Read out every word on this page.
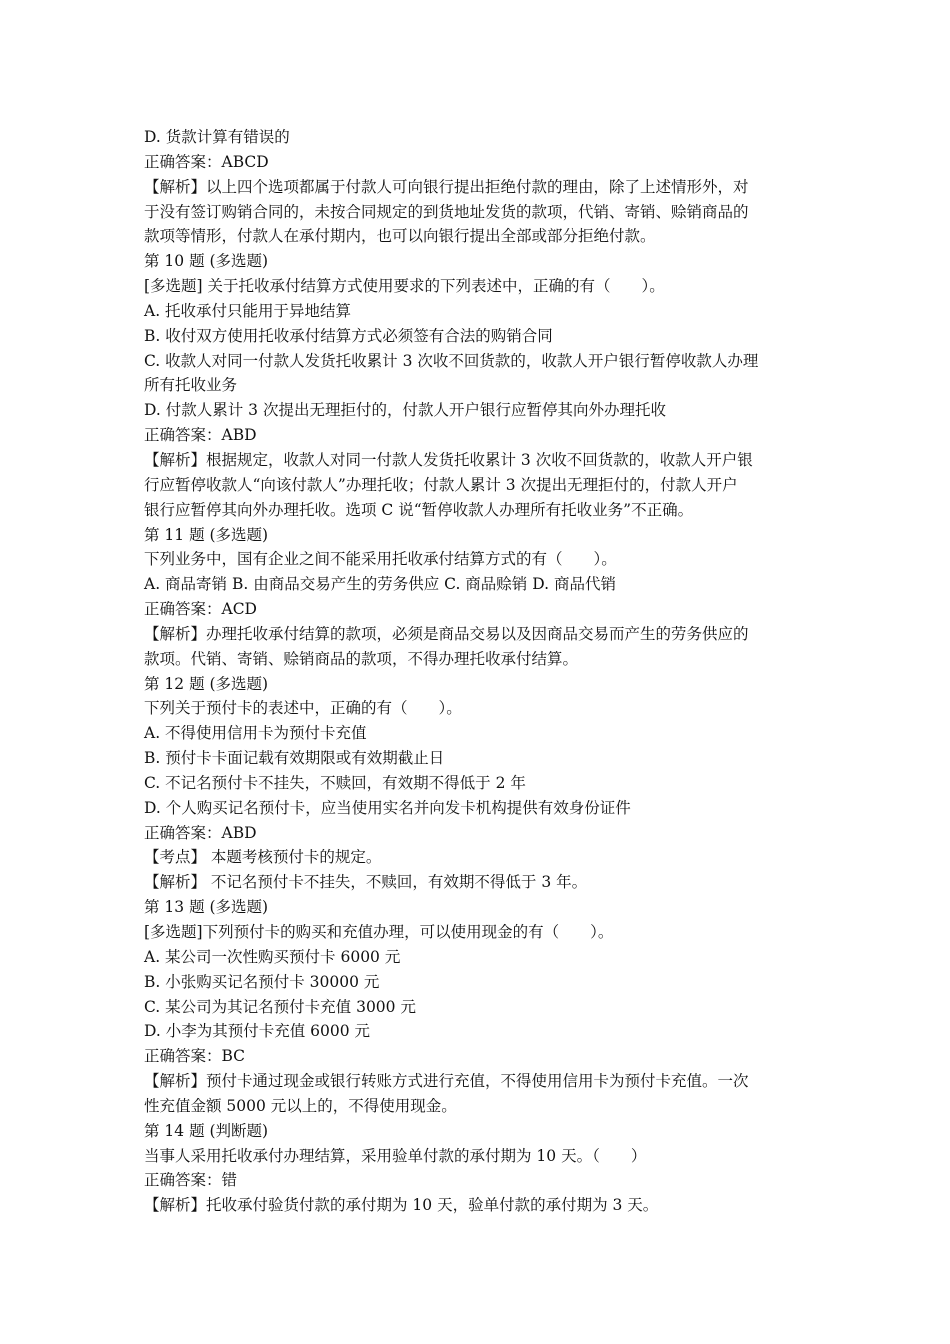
D. 货款计算有错误的
正确答案：ABCD
【解析】以上四个选项都属于付款人可向银行提出拒绝付款的理由，除了上述情形外，对
于没有签订购销合同的，未按合同规定的到货地址发货的款项，代销、寄销、赊销商品的
款项等情形，付款人在承付期内，也可以向银行提出全部或部分拒绝付款。
第 10 题 (多选题)
[多选题] 关于托收承付结算方式使用要求的下列表述中，正确的有（　　）。
A. 托收承付只能用于异地结算
B. 收付双方使用托收承付结算方式必须签有合法的购销合同
C. 收款人对同一付款人发货托收累计 3 次收不回货款的，收款人开户银行暂停收款人办理
所有托收业务
D. 付款人累计 3 次提出无理拒付的，付款人开户银行应暂停其向外办理托收
正确答案：ABD
【解析】根据规定，收款人对同一付款人发货托收累计 3 次收不回货款的，收款人开户银
行应暂停收款人“向该付款人”办理托收；付款人累计 3 次提出无理拒付的，付款人开户
银行应暂停其向外办理托收。选项 C 说“暂停收款人办理所有托收业务”不正确。
第 11 题 (多选题)
下列业务中，国有企业之间不能采用托收承付结算方式的有（　　）。
A. 商品寄销 B. 由商品交易产生的劳务供应 C. 商品赊销 D. 商品代销
正确答案：ACD
【解析】办理托收承付结算的款项，必须是商品交易以及因商品交易而产生的劳务供应的
款项。代销、寄销、赊销商品的款项，不得办理托收承付结算。
第 12 题 (多选题)
下列关于预付卡的表述中，正确的有（　　）。
A. 不得使用信用卡为预付卡充值
B. 预付卡卡面记载有效期限或有效期截止日
C. 不记名预付卡不挂失，不赎回，有效期不得低于 2 年
D. 个人购买记名预付卡，应当使用实名并向发卡机构提供有效身份证件
正确答案：ABD
【考点】 本题考核预付卡的规定。
【解析】 不记名预付卡不挂失，不赎回，有效期不得低于 3 年。
第 13 题 (多选题)
[多选题]下列预付卡的购买和充值办理，可以使用现金的有（　　）。
A. 某公司一次性购买预付卡 6000 元
B. 小张购买记名预付卡 30000 元
C. 某公司为其记名预付卡充值 3000 元
D. 小李为其预付卡充值 6000 元
正确答案：BC
【解析】预付卡通过现金或银行转账方式进行充值，不得使用信用卡为预付卡充值。一次
性充值金额 5000 元以上的，不得使用现金。
第 14 题 (判断题)
当事人采用托收承付办理结算，采用验单付款的承付期为 10 天。（　　）
正确答案：错
【解析】托收承付验货付款的承付期为 10 天，验单付款的承付期为 3 天。
